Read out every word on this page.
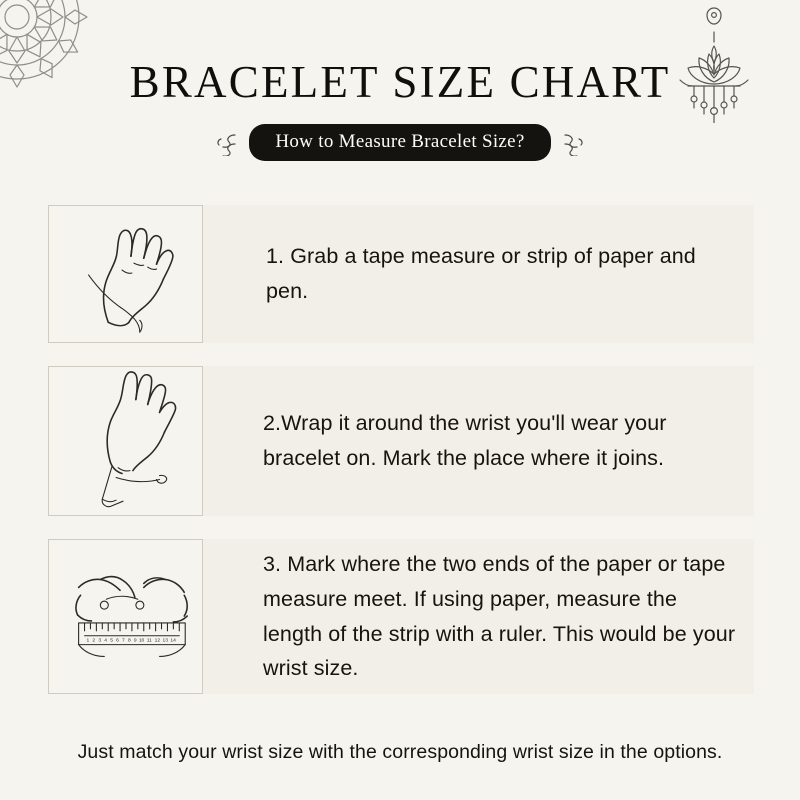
BRACELET SIZE CHART
How to Measure Bracelet Size?
1. Grab a tape measure or strip of paper and pen.
2.Wrap it around the wrist you'll wear your bracelet on. Mark the place where it joins.
1 2 3 4 5 6 7 8 9 10 11 12 13 14
3. Mark where the two ends of the paper or tape measure meet. If using paper, measure the length of the strip with a ruler. This would be your wrist size.
Just match your wrist size with the corresponding wrist size in the options.
